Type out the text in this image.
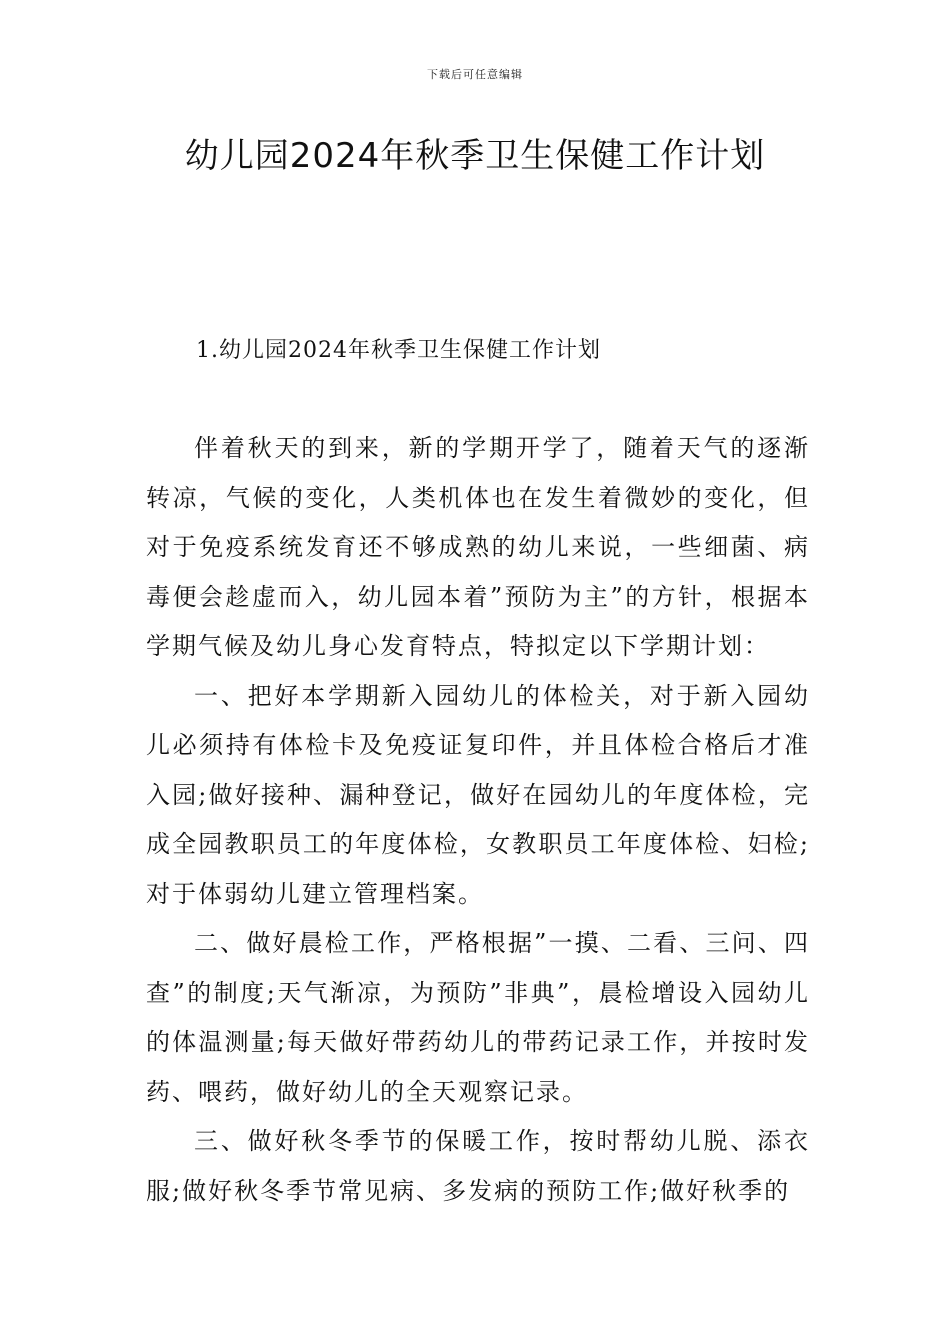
下载后可任意编辑
幼儿园2024年秋季卫生保健工作计划
1.幼儿园2024年秋季卫生保健工作计划

伴着秋天的到来，新的学期开学了，随着天气的逐渐转凉，气候的变化，人类机体也在发生着微妙的变化，但对于免疫系统发育还不够成熟的幼儿来说，一些细菌、病毒便会趁虚而入，幼儿园本着”预防为主”的方针，根据本学期气候及幼儿身心发育特点，特拟定以下学期计划：

一、把好本学期新入园幼儿的体检关，对于新入园幼儿必须持有体检卡及免疫证复印件，并且体检合格后才准入园;做好接种、漏种登记，做好在园幼儿的年度体检，完成全园教职员工的年度体检，女教职员工年度体检、妇检;对于体弱幼儿建立管理档案。

二、做好晨检工作，严格根据”一摸、二看、三问、四查”的制度;天气渐凉，为预防”非典”，晨检增设入园幼儿的体温测量;每天做好带药幼儿的带药记录工作，并按时发药、喂药，做好幼儿的全天观察记录。

三、做好秋冬季节的保暖工作，按时帮幼儿脱、添衣服;做好秋冬季节常见病、多发病的预防工作;做好秋季的
